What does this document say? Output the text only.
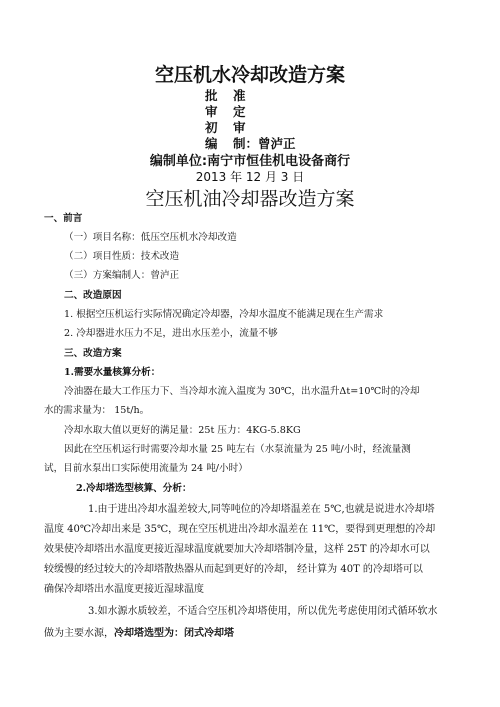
空压机水冷却改造方案
批 准
审 定
初 审
编 制：曾泸正
编制单位:南宁市恒佳机电设备商行
2013 年 12 月 3 日
空压机油冷却器改造方案
一、前言
（一）项目名称：低压空压机水冷却改造
（二）项目性质：技术改造
（三）方案编制人：曾泸正
二、改造原因
1. 根据空压机运行实际情况确定冷却器，冷却水温度不能满足现在生产需求
2. 冷却器进水压力不足，进出水压差小，流量不够
三、改造方案
1.需要水量核算分析：
冷油器在最大工作压力下、当冷却水流入温度为 30℃，出水温升Δt=10℃时的冷却
水的需求量为： 15t/h。
冷却水取大值以更好的满足量：25t 压力：4KG-5.8KG
因此在空压机运行时需要冷却水量 25 吨左右（水泵流量为 25 吨/小时，经流量测
试，目前水泵出口实际使用流量为 24 吨/小时）
2.冷却塔选型核算、分析：
1.由于进出冷却水温差较大,同等吨位的冷却塔温差在 5℃,也就是说进水冷却塔
温度 40℃冷却出来是 35℃，现在空压机进出冷却水温差在 11℃，要得到更理想的冷却
效果使冷却塔出水温度更接近湿球温度就要加大冷却塔制冷量，这样 25T 的冷却水可以
较缓慢的经过较大的冷却塔散热器从而起到更好的冷却， 经计算为 40T 的冷却塔可以
确保冷却塔出水温度更接近湿球温度
3.如水源水质较差，不适合空压机冷却塔使用，所以优先考虑使用闭式循环软水
做为主要水源，冷却塔选型为：闭式冷却塔
